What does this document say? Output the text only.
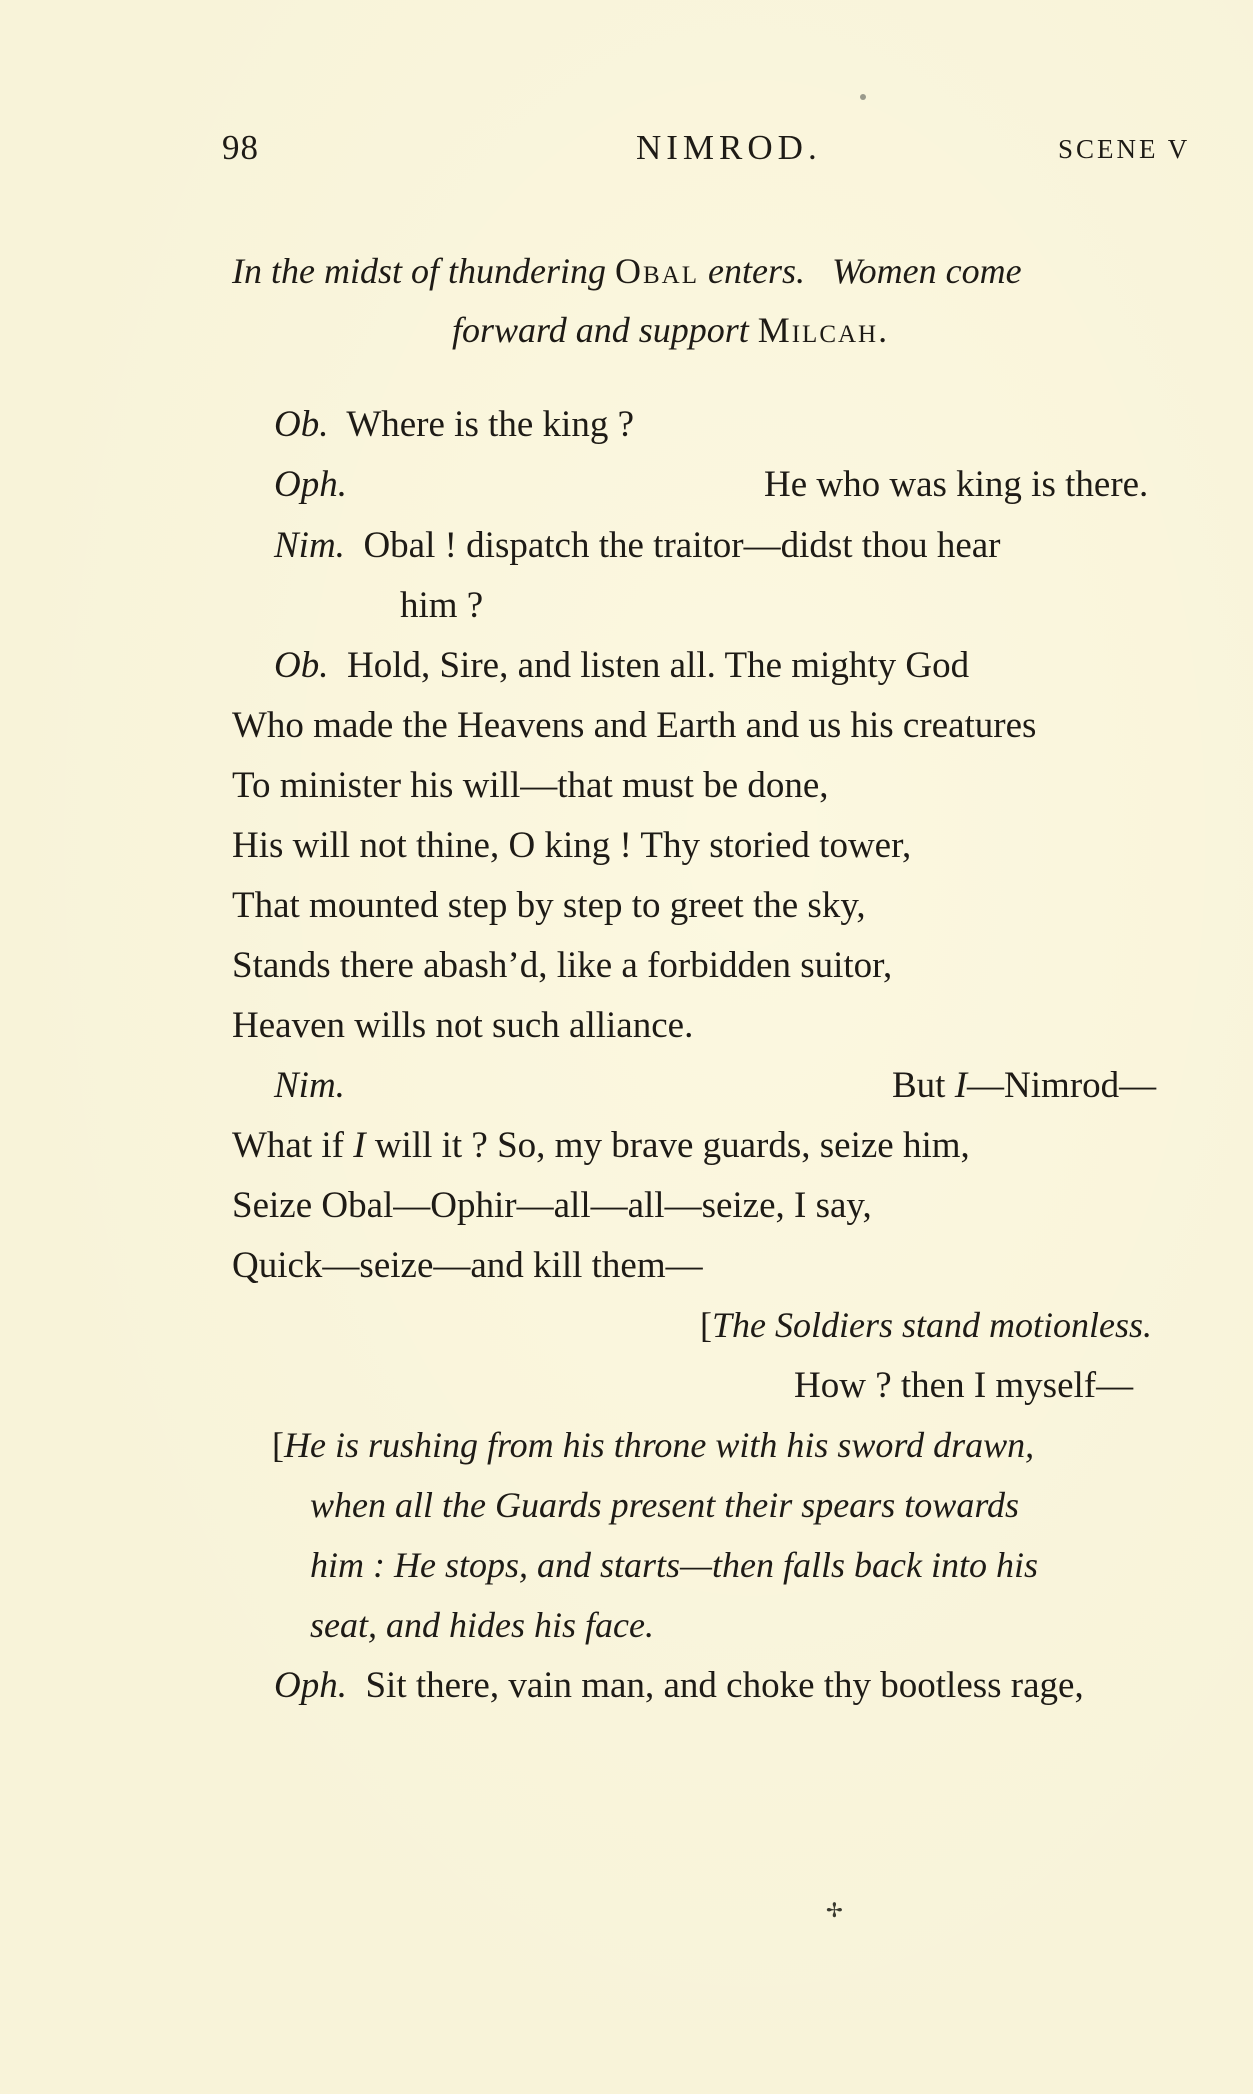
✢
98	NIMROD.	SCENE V
In the midst of thundering Obal enters. Women come
forward and support Milcah.
Ob. Where is the king ?
Oph.	He who was king is there.
Nim. Obal ! dispatch the traitor—didst thou hear
him ?
Ob. Hold, Sire, and listen all. The mighty God
Who made the Heavens and Earth and us his creatures
To minister his will—that must be done,
His will not thine, O king ! Thy storied tower,
That mounted step by step to greet the sky,
Stands there abash’d, like a forbidden suitor,
Heaven wills not such alliance.
Nim.	But I—Nimrod—
What if I will it ? So, my brave guards, seize him,
Seize Obal—Ophir—all—all—seize, I say,
Quick—seize—and kill them—
[The Soldiers stand motionless.
How ? then I myself—
[He is rushing from his throne with his sword drawn,
when all the Guards present their spears towards
him : He stops, and starts—then falls back into his
seat, and hides his face.
Oph. Sit there, vain man, and choke thy bootless rage,
